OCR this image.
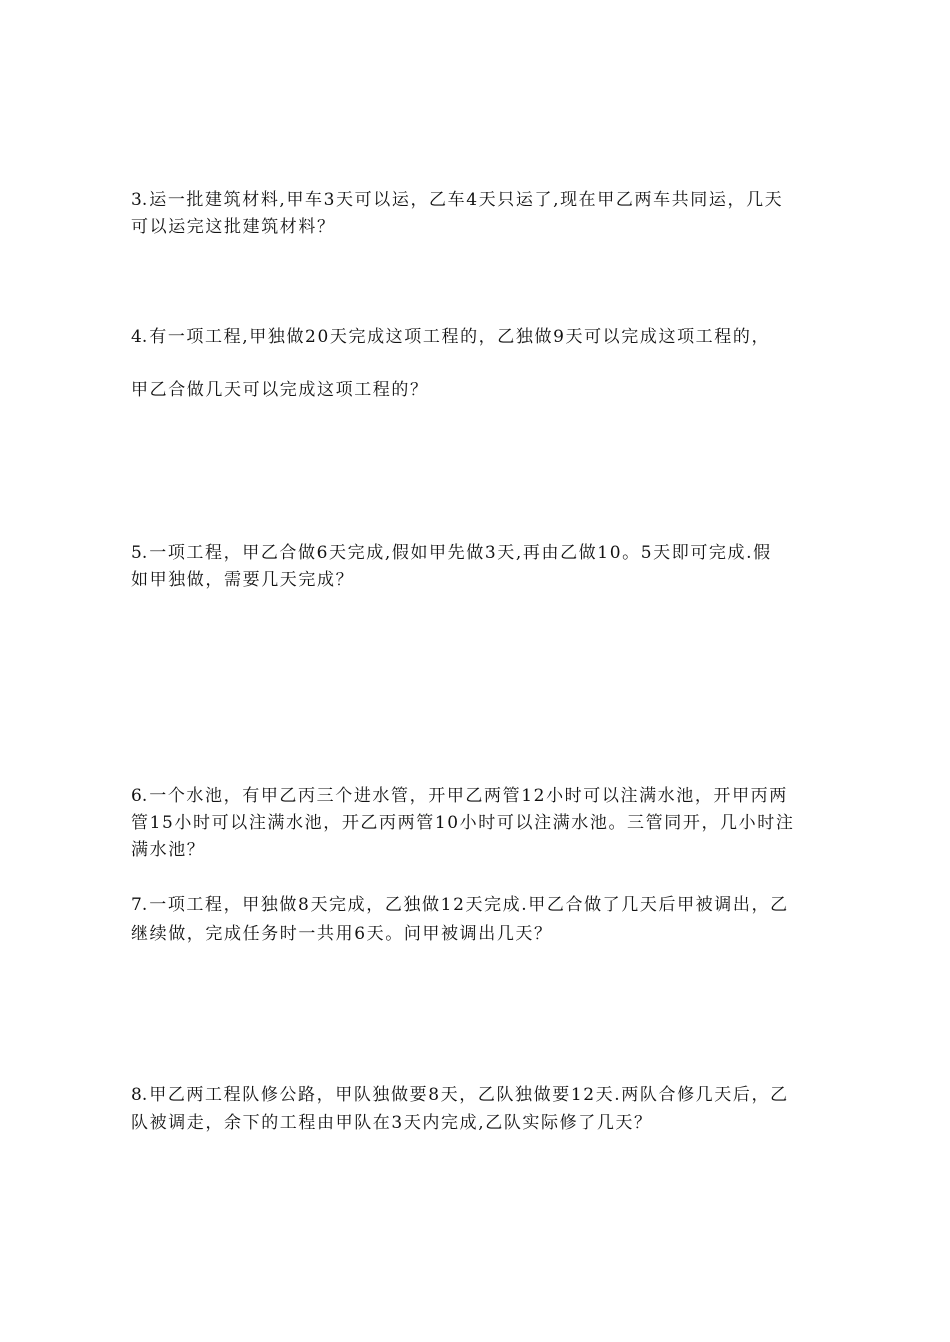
3. 运一批建筑材料,甲车3天可以运，乙车4天只运了,现在甲乙两车共同运，几天
可以运完这批建筑材料？
4. 有一项工程,甲独做20天完成这项工程的，乙独做9天可以完成这项工程的，
甲乙合做几天可以完成这项工程的？
5. 一项工程，甲乙合做6天完成,假如甲先做3天,再由乙做10。5天即可完成.假
如甲独做，需要几天完成？
6. 一个水池，有甲乙丙三个进水管，开甲乙两管12小时可以注满水池，开甲丙两
管15小时可以注满水池，开乙丙两管10小时可以注满水池。三管同开，几小时注
满水池？
7. 一项工程，甲独做8天完成，乙独做12天完成.甲乙合做了几天后甲被调出，乙
继续做，完成任务时一共用6天。问甲被调出几天？
8. 甲乙两工程队修公路，甲队独做要8天，乙队独做要12天.两队合修几天后，乙
队被调走，余下的工程由甲队在3天内完成,乙队实际修了几天？
